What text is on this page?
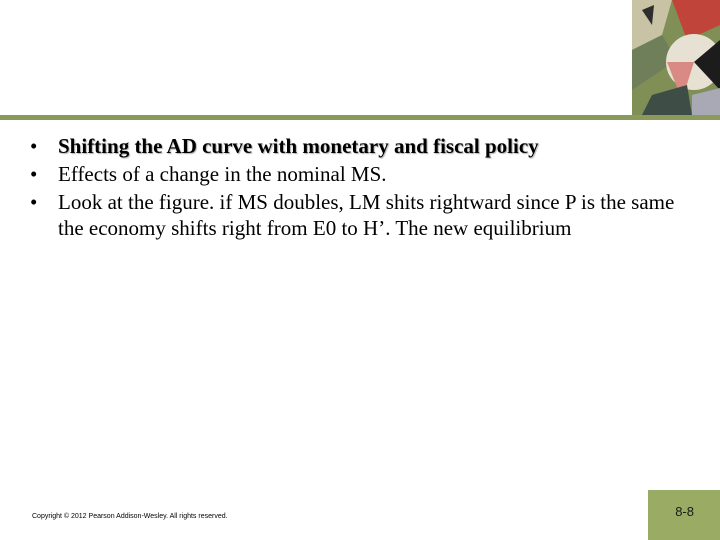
• Shifting the AD curve with monetary and fiscal policy
• Effects of a change in the nominal MS.
• Look at the figure. if MS doubles, LM shits rightward since P is the same the economy shifts right from E0 to H’. The new equilibrium
Copyright © 2012 Pearson Addison-Wesley. All rights reserved.	8-8
